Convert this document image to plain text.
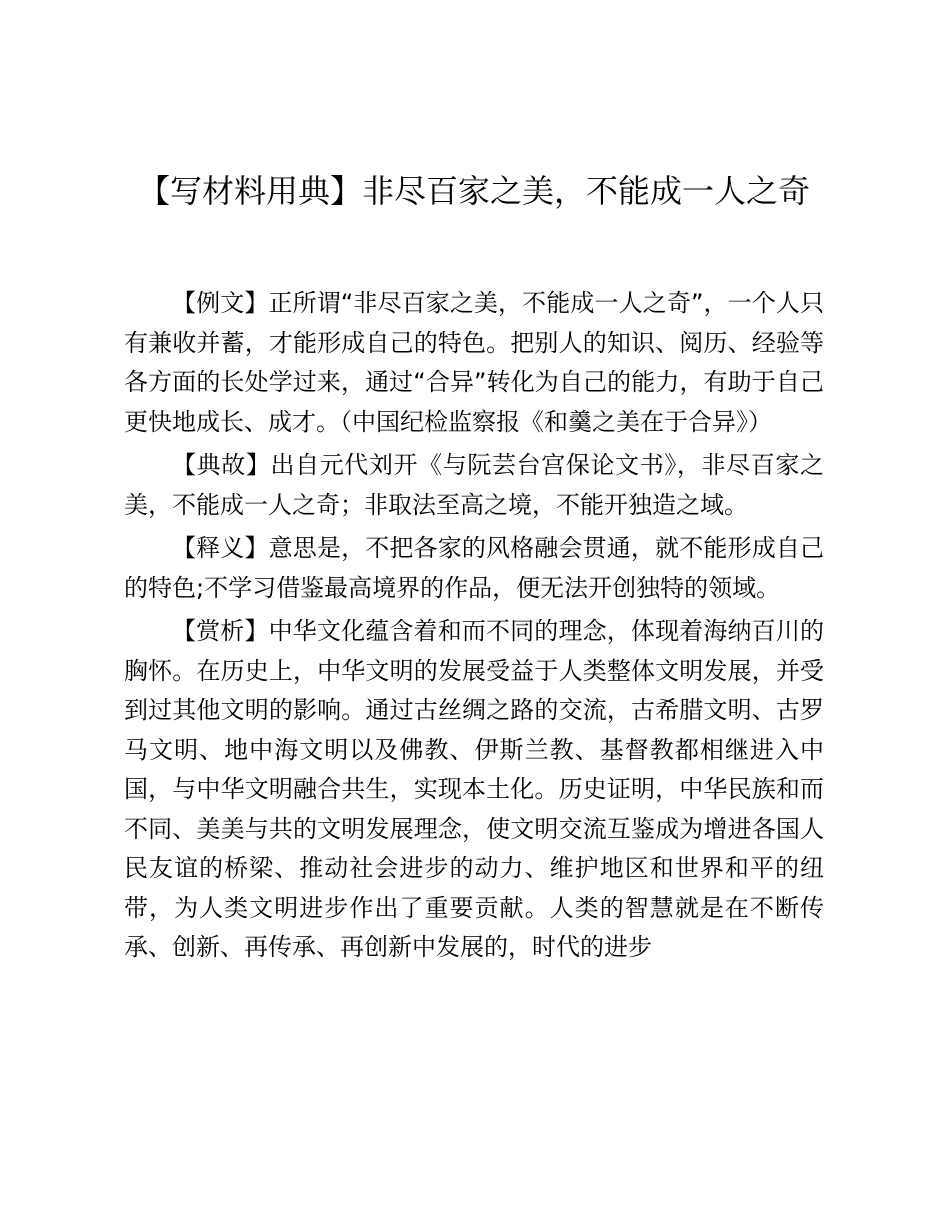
【写材料用典】非尽百家之美，不能成一人之奇

【例文】正所谓“非尽百家之美，不能成一人之奇”，一个人只有兼收并蓄，才能形成自己的特色。把别人的知识、阅历、经验等各方面的长处学过来，通过“合异”转化为自己的能力，有助于自己更快地成长、成才。（中国纪检监察报《和羹之美在于合异》）

【典故】出自元代刘开《与阮芸台宫保论文书》，非尽百家之美，不能成一人之奇；非取法至高之境，不能开独造之域。

【释义】意思是，不把各家的风格融会贯通，就不能形成自己的特色;不学习借鉴最高境界的作品，便无法开创独特的领域。

【赏析】中华文化蕴含着和而不同的理念，体现着海纳百川的胸怀。在历史上，中华文明的发展受益于人类整体文明发展，并受到过其他文明的影响。通过古丝绸之路的交流，古希腊文明、古罗马文明、地中海文明以及佛教、伊斯兰教、基督教都相继进入中国，与中华文明融合共生，实现本土化。历史证明，中华民族和而不同、美美与共的文明发展理念，使文明交流互鉴成为增进各国人民友谊的桥梁、推动社会进步的动力、维护地区和世界和平的纽带，为人类文明进步作出了重要贡献。人类的智慧就是在不断传承、创新、再传承、再创新中发展的，时代的进步
